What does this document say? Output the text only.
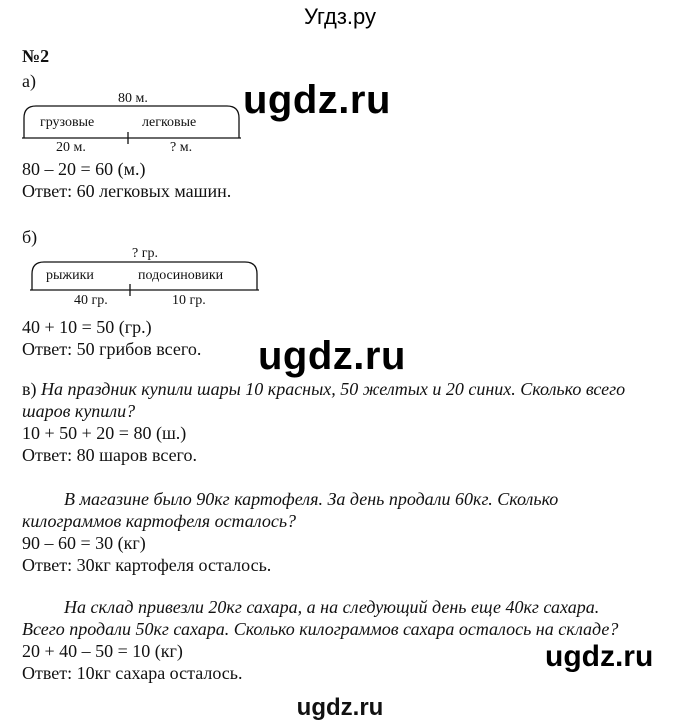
Угдз.ру
№2
а)
80 м.
грузовые	легковые
20 м.	? м.
80 – 20 = 60 (м.)
Ответ: 60 легковых машин.
б)
? гр.
рыжики	подосиновики
40 гр.	10 гр.
40 + 10 = 50 (гр.)
Ответ: 50 грибов всего.
в) На праздник купили шары 10 красных, 50 желтых и 20 синих. Сколько всего
шаров купили?
10 + 50 + 20 = 80 (ш.)
Ответ: 80 шаров всего.
В магазине было 90кг картофеля. За день продали 60кг. Сколько
килограммов картофеля осталось?
90 – 60 = 30 (кг)
Ответ: 30кг картофеля осталось.
На склад привезли 20кг сахара, а на следующий день еще 40кг сахара.
Всего продали 50кг сахара. Сколько килограммов сахара осталось на складе?
20 + 40 – 50 = 10 (кг)
Ответ: 10кг сахара осталось.
ugdz.ru
ugdz.ru
ugdz.ru
ugdz.ru
